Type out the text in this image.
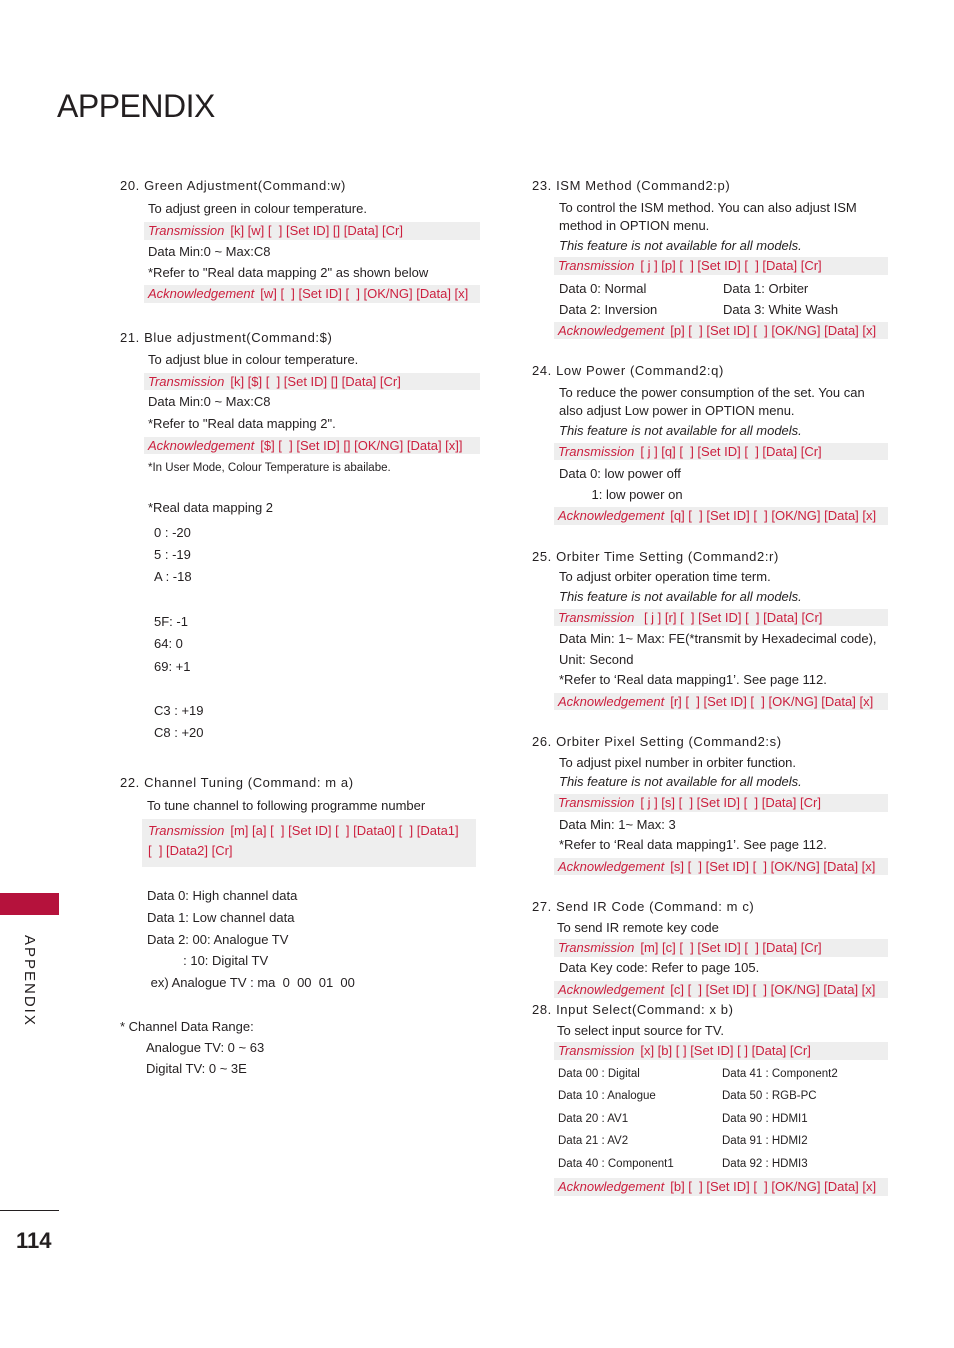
APPENDIX
APPENDIX
114
20. Green Adjustment(Command:w)
To adjust green in colour temperature.
Transmission [k] [w] [  ] [Set ID] [] [Data] [Cr]
Data Min:0 ~ Max:C8
*Refer to "Real data mapping 2" as shown below
Acknowledgement [w] [  ] [Set ID] [  ] [OK/NG] [Data] [x]
21. Blue adjustment(Command:$)
To adjust blue in colour temperature.
Transmission [k] [$] [  ] [Set ID] [] [Data] [Cr]
Data Min:0 ~ Max:C8
*Refer to "Real data mapping 2".
Acknowledgement [$] [  ] [Set ID] [] [OK/NG] [Data] [x]]
*In User Mode, Colour Temperature is abailabe.
*Real data mapping 2
0 : -20
5 : -19
A : -18
5F: -1
64: 0
69: +1
C3 : +19
C8 : +20
22. Channel Tuning (Command: m a)
To tune channel to following programme number
Transmission [m] [a] [  ] [Set ID] [  ] [Data0] [  ] [Data1]
[  ] [Data2] [Cr]
Data 0: High channel data
Data 1: Low channel data
Data 2: 00: Analogue TV
: 10: Digital TV
ex) Analogue TV : ma  0  00  01  00
* Channel Data Range:
Analogue TV: 0 ~ 63
Digital TV: 0 ~ 3E
23. ISM Method (Command2:p)
To control the ISM method. You can also adjust ISM
method in OPTION menu.
This feature is not available for all models.
Transmission [ j ] [p] [  ] [Set ID] [  ] [Data] [Cr]
Data 0: Normal	Data 1: Orbiter
Data 2: Inversion	Data 3: White Wash
Acknowledgement [p] [  ] [Set ID] [  ] [OK/NG] [Data] [x]
24. Low Power (Command2:q)
To reduce the power consumption of the set. You can
also adjust Low power in OPTION menu.
This feature is not available for all models.
Transmission [ j ] [q] [  ] [Set ID] [  ] [Data] [Cr]
Data 0: low power off
1: low power on
Acknowledgement [q] [  ] [Set ID] [  ] [OK/NG] [Data] [x]
25. Orbiter Time Setting (Command2:r)
To adjust orbiter operation time term.
This feature is not available for all models.
Transmission [ j ] [r] [  ] [Set ID] [  ] [Data] [Cr]
Data Min: 1~ Max: FE(*transmit by Hexadecimal code),
Unit: Second
*Refer to ‘Real data mapping1’. See page 112.
Acknowledgement [r] [  ] [Set ID] [  ] [OK/NG] [Data] [x]
26. Orbiter Pixel Setting (Command2:s)
To adjust pixel number in orbiter function.
This feature is not available for all models.
Transmission [ j ] [s] [  ] [Set ID] [  ] [Data] [Cr]
Data Min: 1~ Max: 3
*Refer to ‘Real data mapping1’. See page 112.
Acknowledgement [s] [  ] [Set ID] [  ] [OK/NG] [Data] [x]
27. Send IR Code (Command: m c)
To send IR remote key code
Transmission [m] [c] [  ] [Set ID] [  ] [Data] [Cr]
Data Key code: Refer to page 105.
Acknowledgement [c] [  ] [Set ID] [  ] [OK/NG] [Data] [x]
28. Input Select(Command: x b)
To select input source for TV.
Transmission [x] [b] [ ] [Set ID] [ ] [Data] [Cr]
Data 00 : Digital	Data 41 : Component2
Data 10 : Analogue	Data 50 : RGB-PC
Data 20 : AV1	Data 90 : HDMI1
Data 21 : AV2	Data 91 : HDMI2
Data 40 : Component1	Data 92 : HDMI3
Acknowledgement [b] [  ] [Set ID] [  ] [OK/NG] [Data] [x]
